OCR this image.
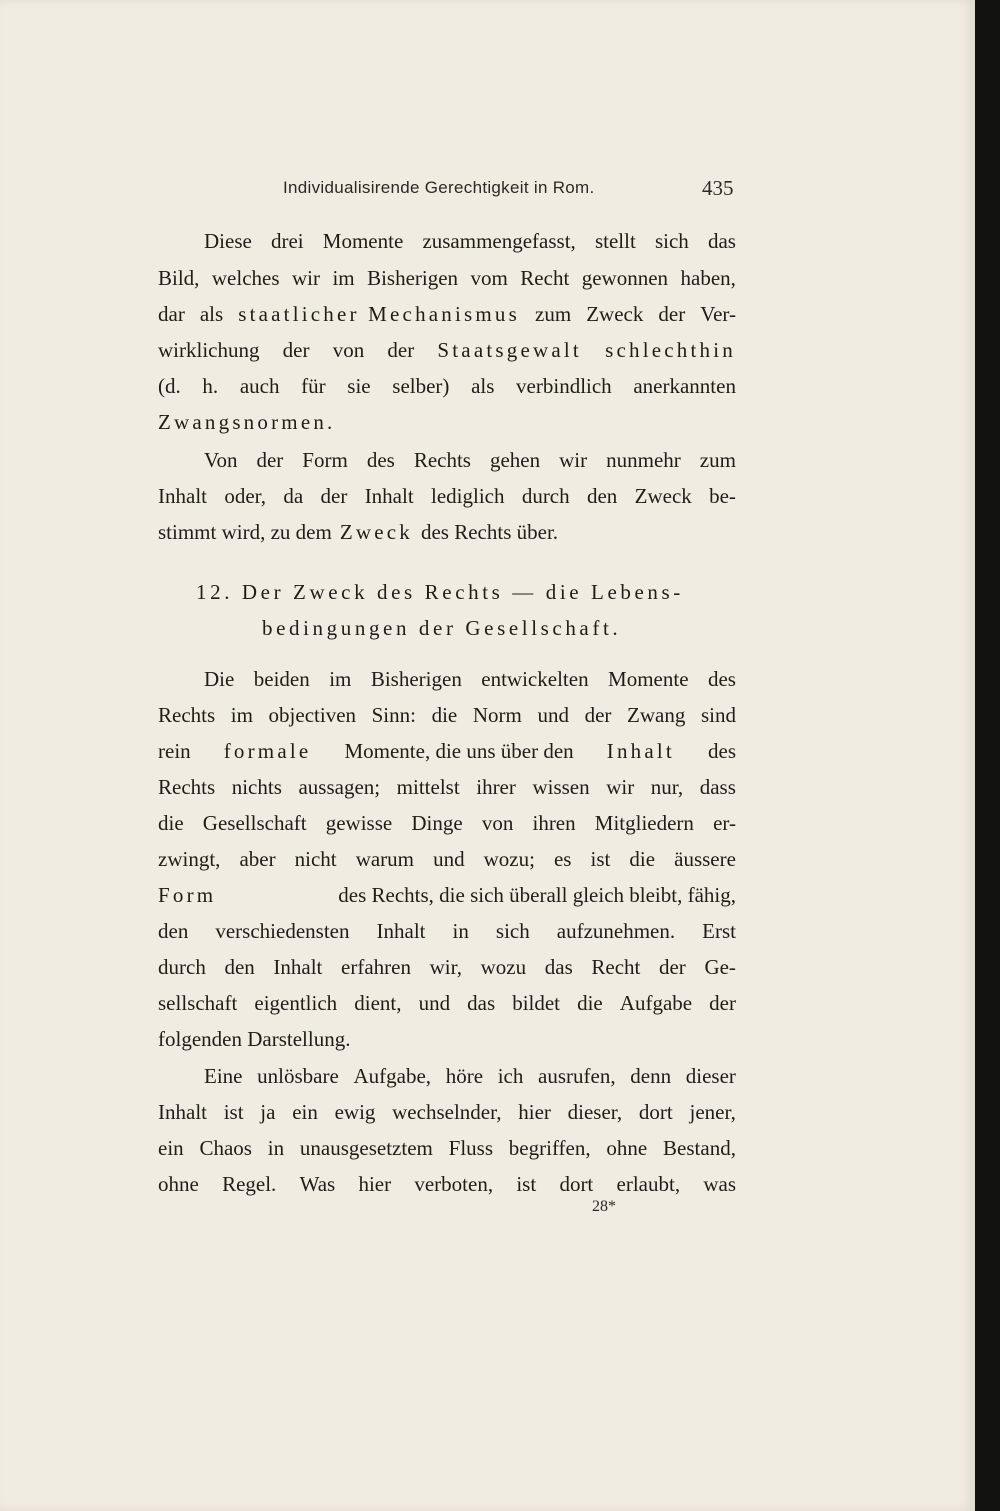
Individualisirende Gerechtigkeit in Rom.	435
Diese drei Momente zusammengefasst, stellt sich das
Bild, welches wir im Bisherigen vom Recht gewonnen haben,
dar als staatlicher Mechanismus zum Zweck der Ver-
wirklichung der von der Staatsgewalt schlechthin
(d. h. auch für sie selber) als verbindlich anerkannten
Zwangsnormen.
Von der Form des Rechts gehen wir nunmehr zum
Inhalt oder, da der Inhalt lediglich durch den Zweck be-
stimmt wird, zu dem Zweck des Rechts über.
12. Der Zweck des Rechts — die Lebens-
bedingungen der Gesellschaft.
Die beiden im Bisherigen entwickelten Momente des
Rechts im objectiven Sinn: die Norm und der Zwang sind
rein formale Momente, die uns über den Inhalt des
Rechts nichts aussagen; mittelst ihrer wissen wir nur, dass
die Gesellschaft gewisse Dinge von ihren Mitgliedern er-
zwingt, aber nicht warum und wozu; es ist die äussere
Form	des Rechts, die sich überall gleich bleibt, fähig,
den verschiedensten Inhalt in sich aufzunehmen. Erst
durch den Inhalt erfahren wir, wozu das Recht der Ge-
sellschaft eigentlich dient, und das bildet die Aufgabe der
folgenden Darstellung.
Eine unlösbare Aufgabe, höre ich ausrufen, denn dieser
Inhalt ist ja ein ewig wechselnder, hier dieser, dort jener,
ein Chaos in unausgesetztem Fluss begriffen, ohne Bestand,
ohne Regel. Was hier verboten, ist dort erlaubt, was
28*
